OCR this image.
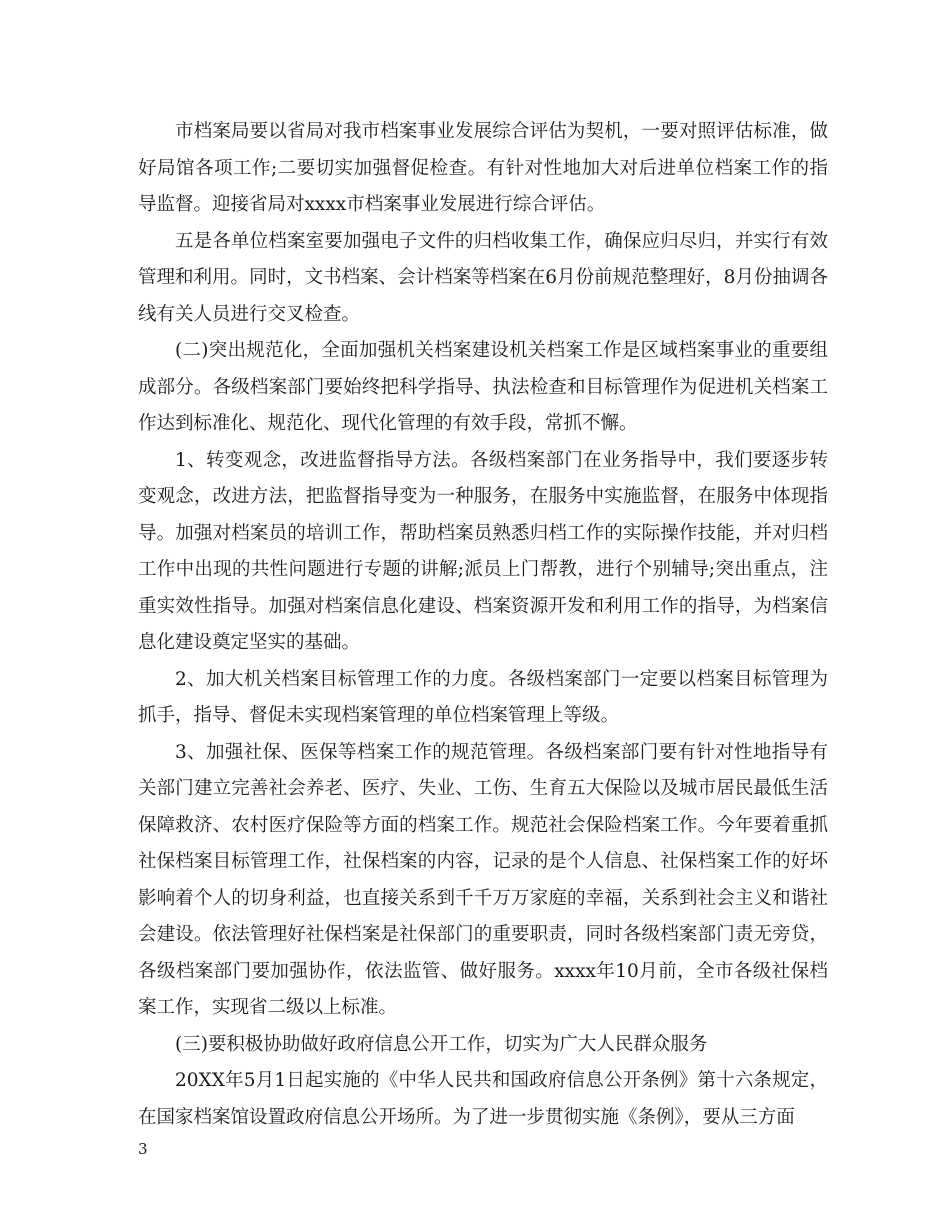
市档案局要以省局对我市档案事业发展综合评估为契机，一要对照评估标准，做好局馆各项工作;二要切实加强督促检查。有针对性地加大对后进单位档案工作的指导监督。迎接省局对xxxx市档案事业发展进行综合评估。

五是各单位档案室要加强电子文件的归档收集工作，确保应归尽归，并实行有效管理和利用。同时，文书档案、会计档案等档案在6月份前规范整理好，8月份抽调各线有关人员进行交叉检查。

(二)突出规范化，全面加强机关档案建设机关档案工作是区域档案事业的重要组成部分。各级档案部门要始终把科学指导、执法检查和目标管理作为促进机关档案工作达到标准化、规范化、现代化管理的有效手段，常抓不懈。

1、转变观念，改进监督指导方法。各级档案部门在业务指导中，我们要逐步转变观念，改进方法，把监督指导变为一种服务，在服务中实施监督，在服务中体现指导。加强对档案员的培训工作，帮助档案员熟悉归档工作的实际操作技能，并对归档工作中出现的共性问题进行专题的讲解;派员上门帮教，进行个别辅导;突出重点，注重实效性指导。加强对档案信息化建设、档案资源开发和利用工作的指导，为档案信息化建设奠定坚实的基础。

2、加大机关档案目标管理工作的力度。各级档案部门一定要以档案目标管理为抓手，指导、督促未实现档案管理的单位档案管理上等级。

3、加强社保、医保等档案工作的规范管理。各级档案部门要有针对性地指导有关部门建立完善社会养老、医疗、失业、工伤、生育五大保险以及城市居民最低生活保障救济、农村医疗保险等方面的档案工作。规范社会保险档案工作。今年要着重抓社保档案目标管理工作，社保档案的内容，记录的是个人信息、社保档案工作的好坏影响着个人的切身利益，也直接关系到千千万万家庭的幸福，关系到社会主义和谐社会建设。依法管理好社保档案是社保部门的重要职责，同时各级档案部门责无旁贷，各级档案部门要加强协作，依法监管、做好服务。xxxx年10月前，全市各级社保档案工作，实现省二级以上标准。

(三)要积极协助做好政府信息公开工作，切实为广大人民群众服务

20XX年5月1日起实施的《中华人民共和国政府信息公开条例》第十六条规定，在国家档案馆设置政府信息公开场所。为了进一步贯彻实施《条例》，要从三方面

3
